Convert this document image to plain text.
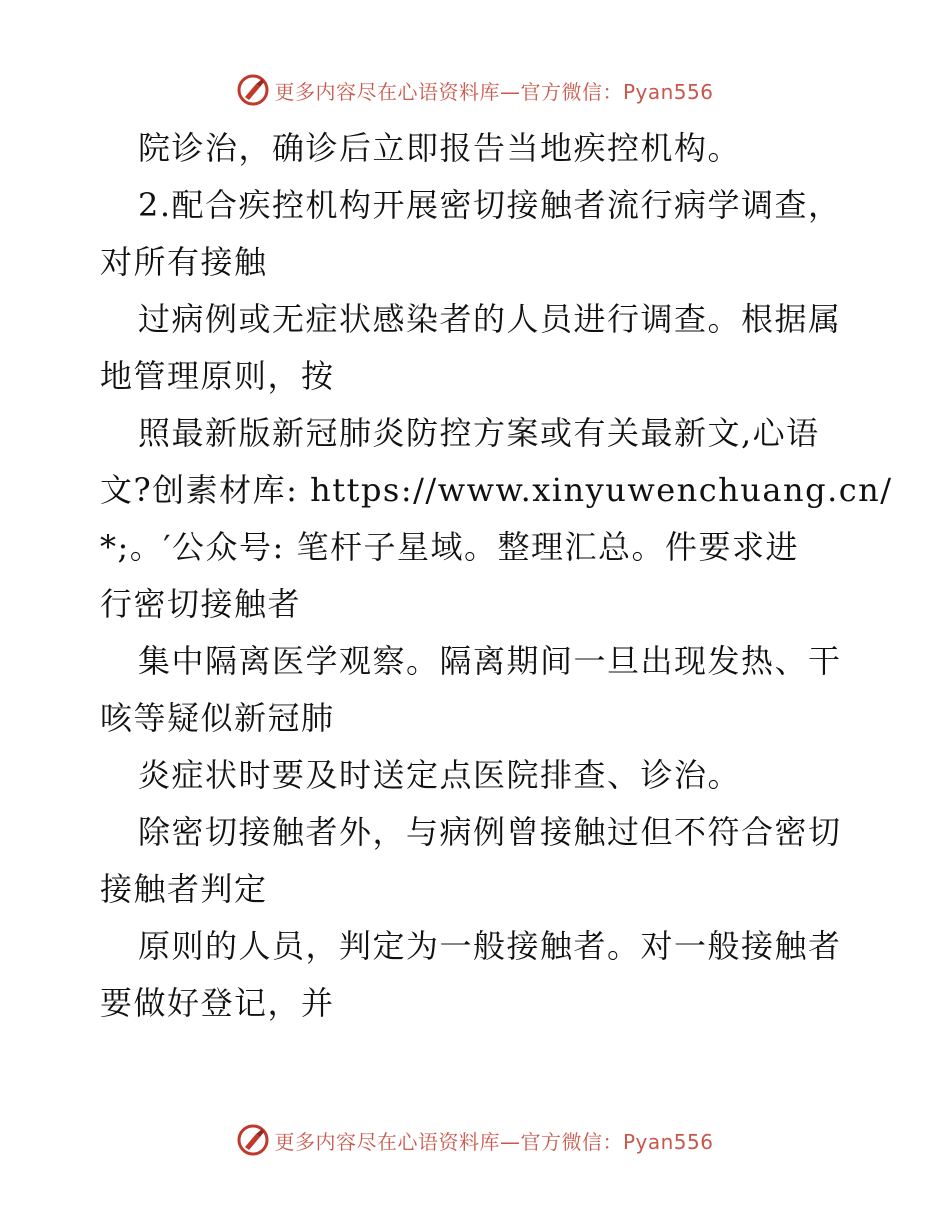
更多内容尽在心语资料库—官方微信：Pyan556
院诊治，确诊后立即报告当地疾控机构。
2.配合疾控机构开展密切接触者流行病学调查，
对所有接触
过病例或无症状感染者的人员进行调查。根据属
地管理原则，按
照最新版新冠肺炎防控方案或有关最新文,心语
文?创素材库: https://www.xinyuwenchuang.cn/
*;。′公众号: 笔杆子星域。整理汇总。件要求进
行密切接触者
集中隔离医学观察。隔离期间一旦出现发热、干
咳等疑似新冠肺
炎症状时要及时送定点医院排查、诊治。
除密切接触者外，与病例曾接触过但不符合密切
接触者判定
原则的人员，判定为一般接触者。对一般接触者
要做好登记，并
更多内容尽在心语资料库—官方微信：Pyan556
